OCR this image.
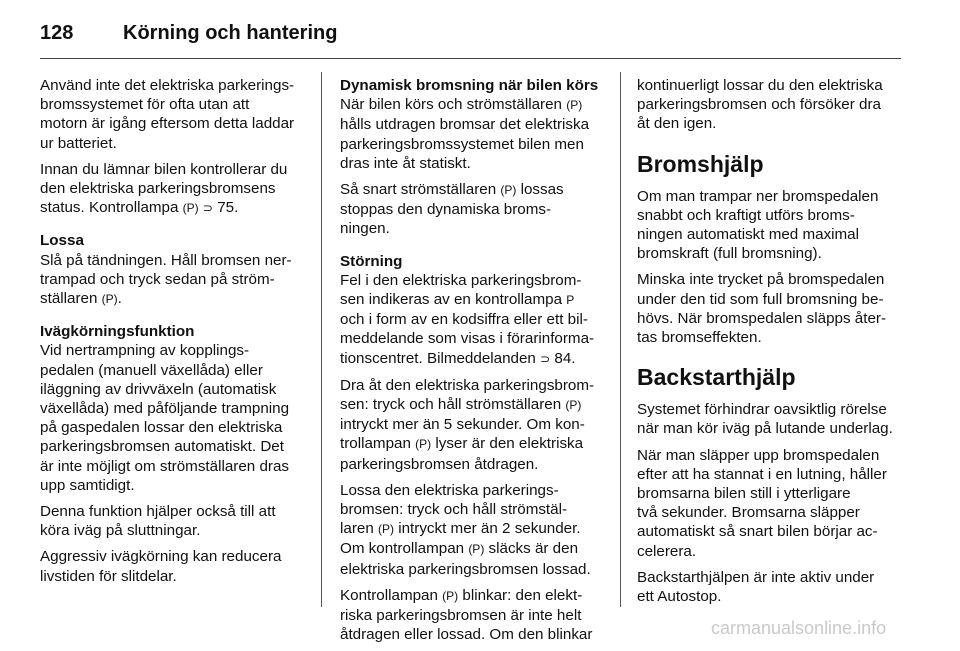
128 Körning och hantering

Använd inte det elektriska parkerings-
bromssystemet för ofta utan att
motorn är igång eftersom detta laddar
ur batteriet.

Innan du lämnar bilen kontrollerar du
den elektriska parkeringsbromsens
status. Kontrollampa (P) ⊃ 75.

Lossa

Slå på tändningen. Håll bromsen ner-
trampad och tryck sedan på ström-
ställaren (P).

Ivägkörningsfunktion

Vid nertrampning av kopplings-
pedalen (manuell växellåda) eller
iläggning av drivväxeln (automatisk
växellåda) med påföljande trampning
på gaspedalen lossar den elektriska
parkeringsbromsen automatiskt. Det
är inte möjligt om strömställaren dras
upp samtidigt.

Denna funktion hjälper också till att
köra iväg på sluttningar.

Aggressiv ivägkörning kan reducera
livstiden för slitdelar.

Dynamisk bromsning när bilen körs

När bilen körs och strömställaren (P)
hålls utdragen bromsar det elektriska
parkeringsbromssystemet bilen men
dras inte åt statiskt.

Så snart strömställaren (P) lossas
stoppas den dynamiska broms-
ningen.

Störning

Fel i den elektriska parkeringsbrom-
sen indikeras av en kontrollampa P
och i form av en kodsiffra eller ett bil-
meddelande som visas i förarinforma-
tionscentret. Bilmeddelanden ⊃ 84.

Dra åt den elektriska parkeringsbrom-
sen: tryck och håll strömställaren (P)
intryckt mer än 5 sekunder. Om kon-
trollampan (P) lyser är den elektriska
parkeringsbromsen åtdragen.

Lossa den elektriska parkerings-
bromsen: tryck och håll strömstäl-
laren (P) intryckt mer än 2 sekunder.
Om kontrollampan (P) släcks är den
elektriska parkeringsbromsen lossad.

Kontrollampan (P) blinkar: den elekt-
riska parkeringsbromsen är inte helt
åtdragen eller lossad. Om den blinkar

kontinuerligt lossar du den elektriska
parkeringsbromsen och försöker dra
åt den igen.

Bromshjälp

Om man trampar ner bromspedalen
snabbt och kraftigt utförs broms-
ningen automatiskt med maximal
bromskraft (full bromsning).

Minska inte trycket på bromspedalen
under den tid som full bromsning be-
hövs. När bromspedalen släpps åter-
tas bromseffekten.

Backstarthjälp

Systemet förhindrar oavsiktlig rörelse
när man kör iväg på lutande underlag.

När man släpper upp bromspedalen
efter att ha stannat i en lutning, håller
bromsarna bilen still i ytterligare
två sekunder. Bromsarna släpper
automatiskt så snart bilen börjar ac-
celerera.

Backstarthjälpen är inte aktiv under
ett Autostop.

carmanualsonline.info
